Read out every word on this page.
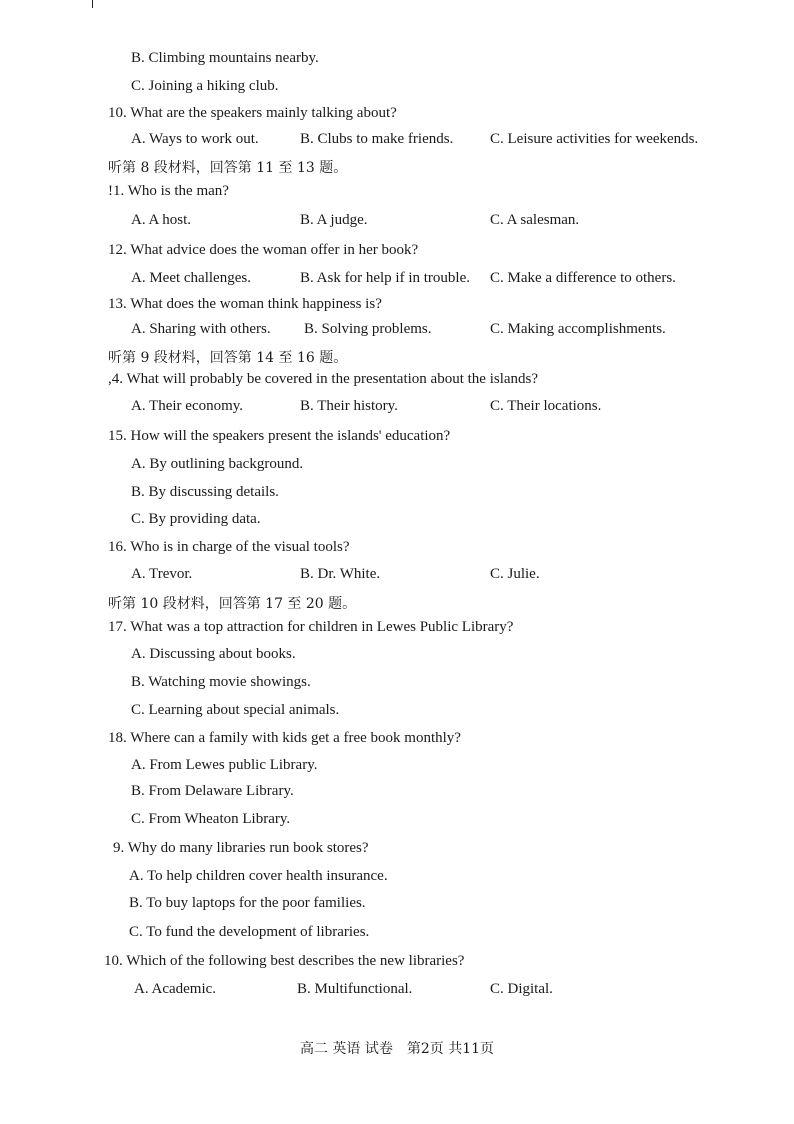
B. Climbing mountains nearby.
C. Joining a hiking club.
10. What are the speakers mainly talking about?
A. Ways to work out.	B. Clubs to make friends. C. Leisure activities for weekends.
听第 8 段材料，回答第 11 至 13 题。
!1. Who is the man?
A. A host.	B. A judge.	C. A salesman.
12. What advice does the woman offer in her book?
A. Meet challenges.	B. Ask for help if in trouble. C. Make a difference to others.
13. What does the woman think happiness is?
A. Sharing with others. B. Solving problems.	C. Making accomplishments.
听第 9 段材料，回答第 14 至 16 题。
,4. What will probably be covered in the presentation about the islands?
A. Their economy.	B. Their history.	C. Their locations.
15. How will the speakers present the islands' education?
A. By outlining background.
B. By discussing details.
C. By providing data.
16. Who is in charge of the visual tools?
A. Trevor.	B. Dr. White.	C. Julie.
听第 10 段材料，回答第 17 至 20 题。
17. What was a top attraction for children in Lewes Public Library?
A. Discussing about books.
B. Watching movie showings.
C. Learning about special animals.
18. Where can a family with kids get a free book monthly?
A. From Lewes public Library.
B. From Delaware Library.
C. From Wheaton Library.
9. Why do many libraries run book stores?
A. To help children cover health insurance.
B. To buy laptops for the poor families.
C. To fund the development of libraries.
10. Which of the following best describes the new libraries?
A. Academic.	B. Multifunctional.	C. Digital.
高二 英语 试卷　第2页 共11页
